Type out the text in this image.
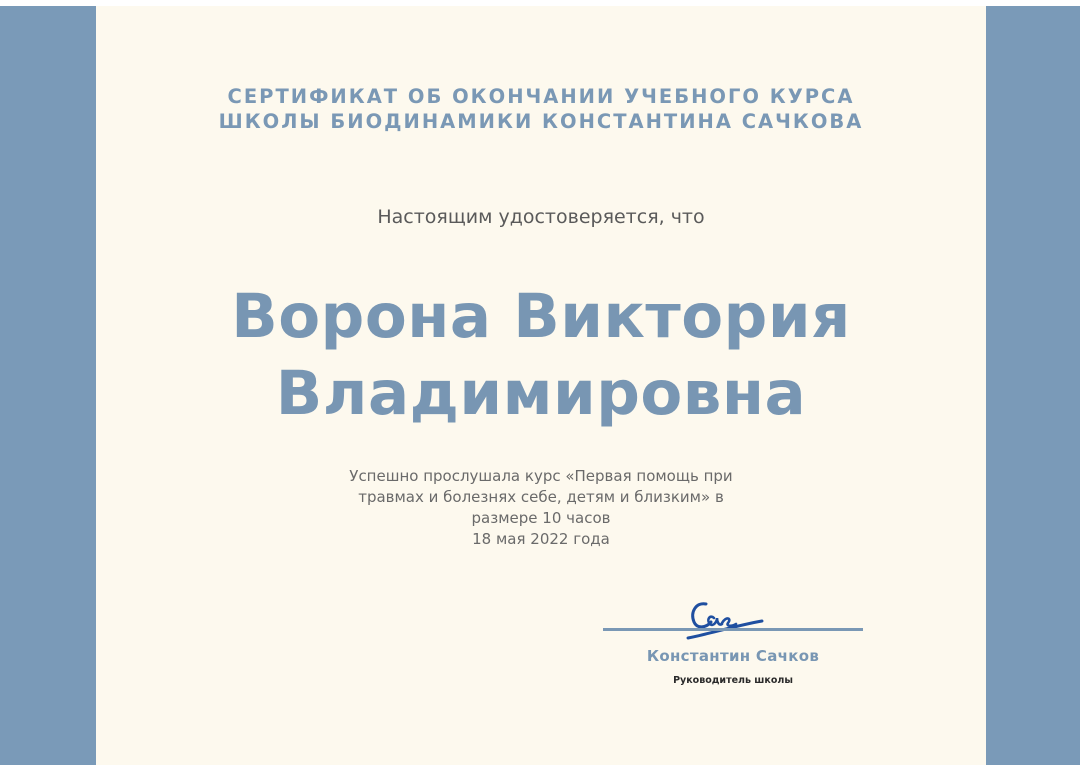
СЕРТИФИКАТ ОБ ОКОНЧАНИИ УЧЕБНОГО КУРСА
ШКОЛЫ БИОДИНАМИКИ КОНСТАНТИНА САЧКОВА
Настоящим удостоверяется, что
Ворона Виктория
Владимировна
Успешно прослушала курс «Первая помощь при
травмах и болезнях себе, детям и близким» в
размере 10 часов
18 мая 2022 года
Константин Сачков
Руководитель школы
